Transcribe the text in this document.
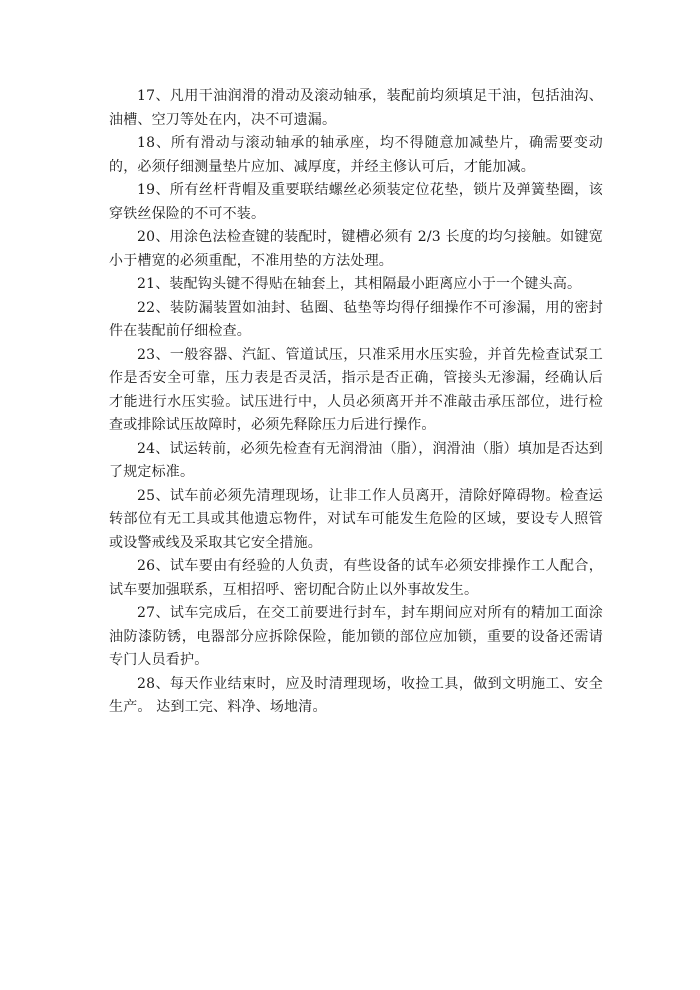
17、凡用干油润滑的滑动及滚动轴承，装配前均须填足干油，包括油沟、油槽、空刀等处在内，决不可遗漏。

18、所有滑动与滚动轴承的轴承座，均不得随意加减垫片，确需要变动的，必须仔细测量垫片应加、减厚度，并经主修认可后，才能加减。

19、所有丝杆背帽及重要联结螺丝必须装定位花垫，锁片及弹簧垫圈，该穿铁丝保险的不可不装。

20、用涂色法检查键的装配时，键槽必须有 2/3 长度的均匀接触。如键宽小于槽宽的必须重配，不准用垫的方法处理。

21、装配钩头键不得贴在轴套上，其相隔最小距离应小于一个键头高。

22、装防漏装置如油封、毡圈、毡垫等均得仔细操作不可渗漏，用的密封件在装配前仔细检查。

23、一般容器、汽缸、管道试压，只准采用水压实验，并首先检查试泵工作是否安全可靠，压力表是否灵活，指示是否正确，管接头无渗漏，经确认后才能进行水压实验。试压进行中，人员必须离开并不准敲击承压部位，进行检查或排除试压故障时，必须先释除压力后进行操作。

24、试运转前，必须先检查有无润滑油（脂），润滑油（脂）填加是否达到了规定标准。

25、试车前必须先清理现场，让非工作人员离开，清除妤障碍物。检查运转部位有无工具或其他遗忘物件，对试车可能发生危险的区域，要设专人照管或设警戒线及采取其它安全措施。

26、试车要由有经验的人负责，有些设备的试车必须安排操作工人配合，试车要加强联系，互相招呼、密切配合防止以外事故发生。

27、试车完成后，在交工前要进行封车，封车期间应对所有的精加工面涂油防漆防锈，电器部分应拆除保险，能加锁的部位应加锁，重要的设备还需请专门人员看护。

28、每天作业结束时，应及时清理现场，收捡工具，做到文明施工、安全生产。 达到工完、料净、场地清。
